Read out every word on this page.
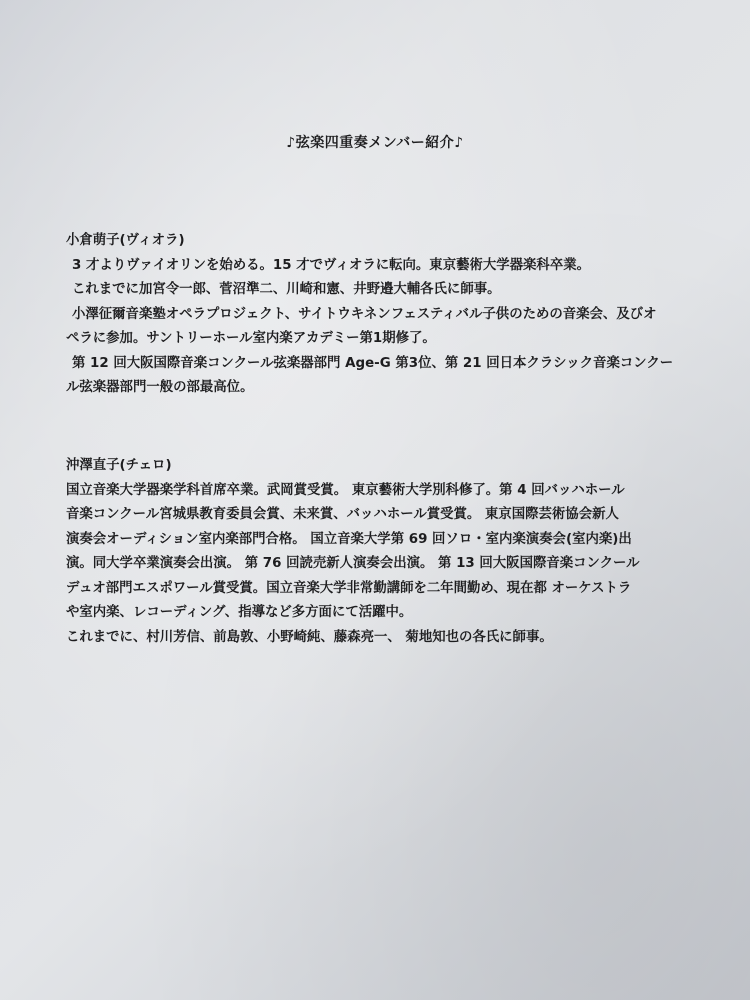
♪弦楽四重奏メンバー紹介♪
小倉萌子(ヴィオラ)
3 才よりヴァイオリンを始める。15 才でヴィオラに転向。東京藝術大学器楽科卒業。
これまでに加宮令一郎、菅沼準二、川崎和憲、井野邉大輔各氏に師事。
小澤征爾音楽塾オペラプロジェクト、サイトウキネンフェスティバル子供のための音楽会、及びオ
ペラに参加。サントリーホール室内楽アカデミー第1期修了。
第 12 回大阪国際音楽コンクール弦楽器部門 Age-G 第3位、第 21 回日本クラシック音楽コンクー
ル弦楽器部門一般の部最高位。
沖澤直子(チェロ)
国立音楽大学器楽学科首席卒業。武岡賞受賞。 東京藝術大学別科修了。第 4 回バッハホール
音楽コンクール宮城県教育委員会賞、未来賞、バッハホール賞受賞。 東京国際芸術協会新人
演奏会オーディション室内楽部門合格。 国立音楽大学第 69 回ソロ・室内楽演奏会(室内楽)出
演。同大学卒業演奏会出演。 第 76 回読売新人演奏会出演。 第 13 回大阪国際音楽コンクール
デュオ部門エスポワール賞受賞。国立音楽大学非常勤講師を二年間勤め、現在都 オーケストラ
や室内楽、レコーディング、指導など多方面にて活躍中。
これまでに、村川芳信、前島敦、小野崎純、藤森亮一、 菊地知也の各氏に師事。
